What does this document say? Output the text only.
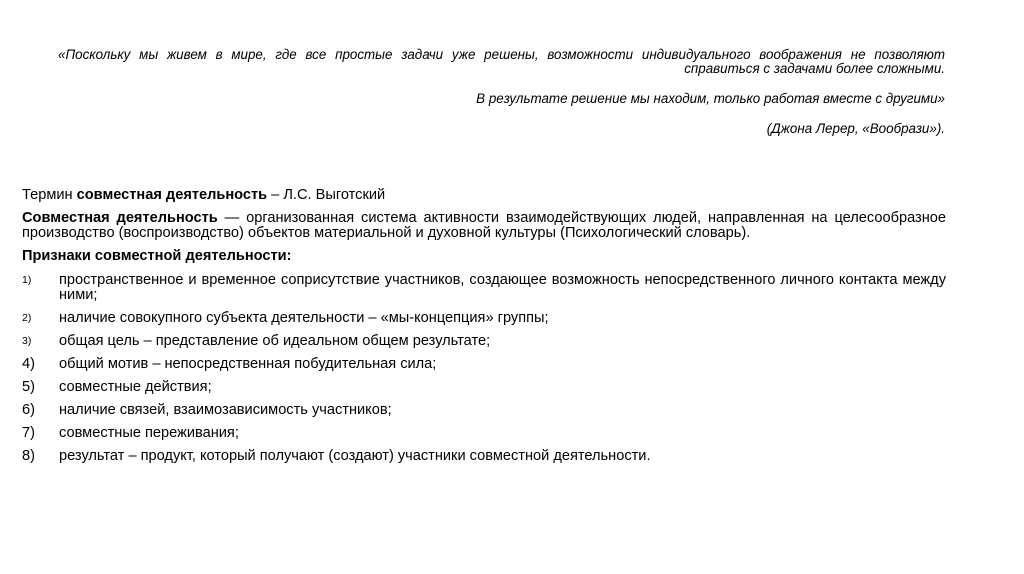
«Поскольку мы живем в мире, где все простые задачи уже решены, возможности индивидуального воображения не позволяют справиться с задачами более сложными.

В результате решение мы находим, только работая вместе с другими»

(Джона Лерер, «Вообрази»).

Термин совместная деятельность – Л.С. Выготский

Совместная деятельность — организованная система активности взаимодействующих людей, направленная на целесообразное производство (воспроизводство) объектов материальной и духовной культуры (Психологический словарь).

Признаки совместной деятельности:

1)	пространственное и временное соприсутствие участников, создающее возможность непосредственного личного контакта между ними;
2)	наличие совокупного субъекта деятельности – «мы-концепция» группы;
3)	общая цель – представление об идеальном общем результате;
4)	общий мотив – непосредственная побудительная сила;
5)	совместные действия;
6)	наличие связей, взаимозависимость участников;
7)	совместные переживания;
8)	результат – продукт, который получают (создают) участники совместной деятельности.
